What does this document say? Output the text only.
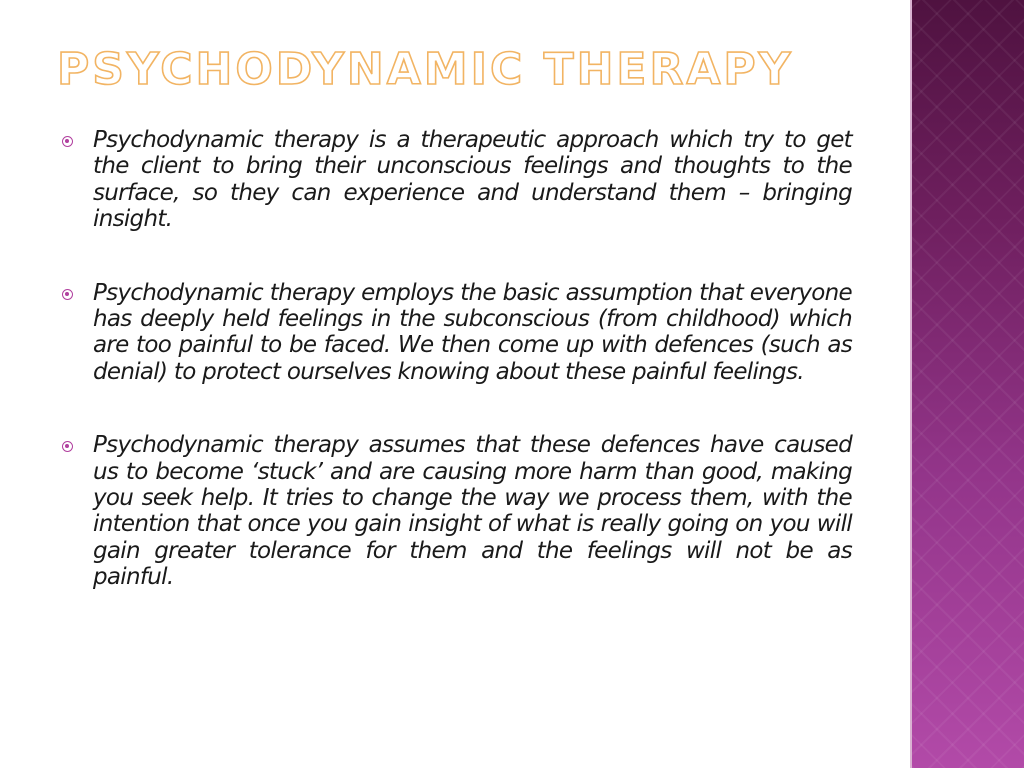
PSYCHODYNAMIC THERAPY

Psychodynamic therapy is a therapeutic approach which try to get the client to bring their unconscious feelings and thoughts to the surface, so they can experience and understand them – bringing insight.

Psychodynamic therapy employs the basic assumption that everyone has deeply held feelings in the subconscious (from childhood) which are too painful to be faced. We then come up with defences (such as denial) to protect ourselves knowing about these painful feelings.

Psychodynamic therapy assumes that these defences have caused us to become ‘stuck’ and are causing more harm than good, making you seek help. It tries to change the way we process them, with the intention that once you gain insight of what is really going on you will gain greater tolerance for them and the feelings will not be as painful.
